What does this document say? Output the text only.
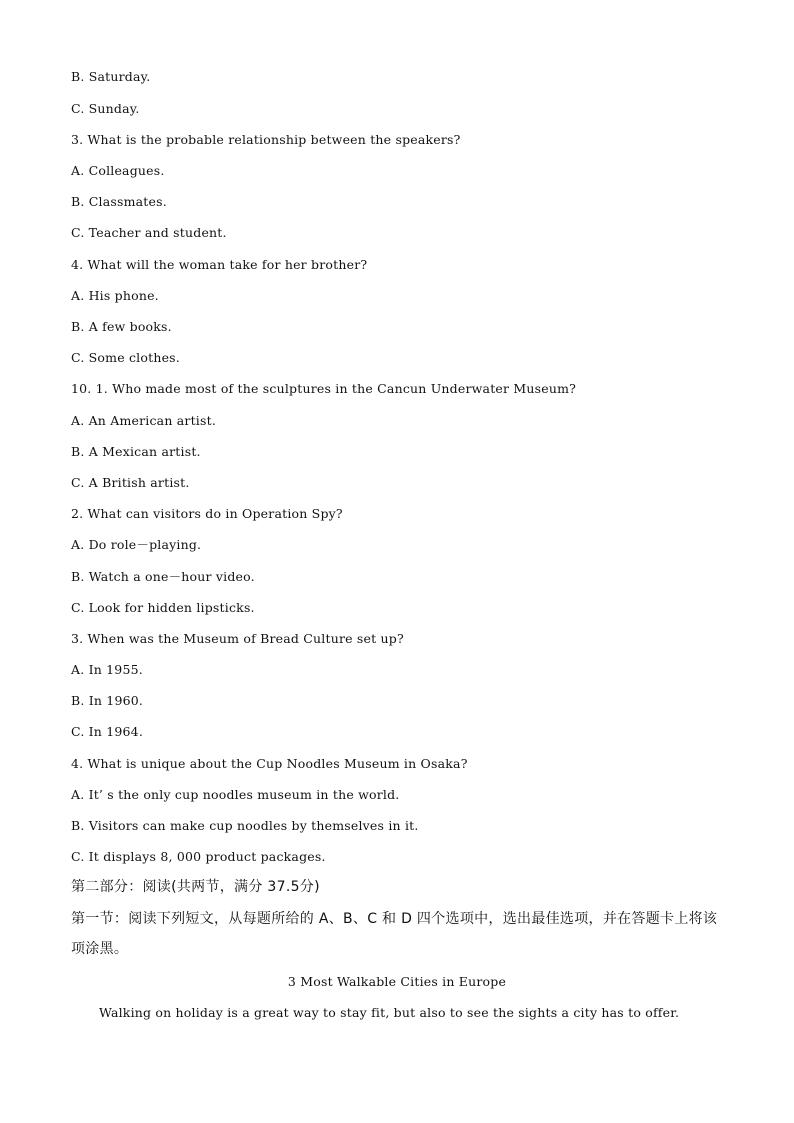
B. Saturday.
C. Sunday.
3. What is the probable relationship between the speakers?
A. Colleagues.
B. Classmates.
C. Teacher and student.
4. What will the woman take for her brother?
A. His phone.
B. A few books.
C. Some clothes.
10. 1. Who made most of the sculptures in the Cancun Underwater Museum?
A. An American artist.
B. A Mexican artist.
C. A British artist.
2. What can visitors do in Operation Spy?
A. Do role－playing.
B. Watch a one－hour video.
C. Look for hidden lipsticks.
3. When was the Museum of Bread Culture set up?
A. In 1955.
B. In 1960.
C. In 1964.
4. What is unique about the Cup Noodles Museum in Osaka?
A. It’ s the only cup noodles museum in the world.
B. Visitors can make cup noodles by themselves in it.
C. It displays 8, 000 product packages.
第二部分：阅读(共两节，满分 37.5分)
第一节：阅读下列短文，从每题所给的 A、B、C 和 D 四个选项中，选出最佳选项，并在答题卡上将该项涂黑。
3 Most Walkable Cities in Europe
Walking on holiday is a great way to stay fit, but also to see the sights a city has to offer.
